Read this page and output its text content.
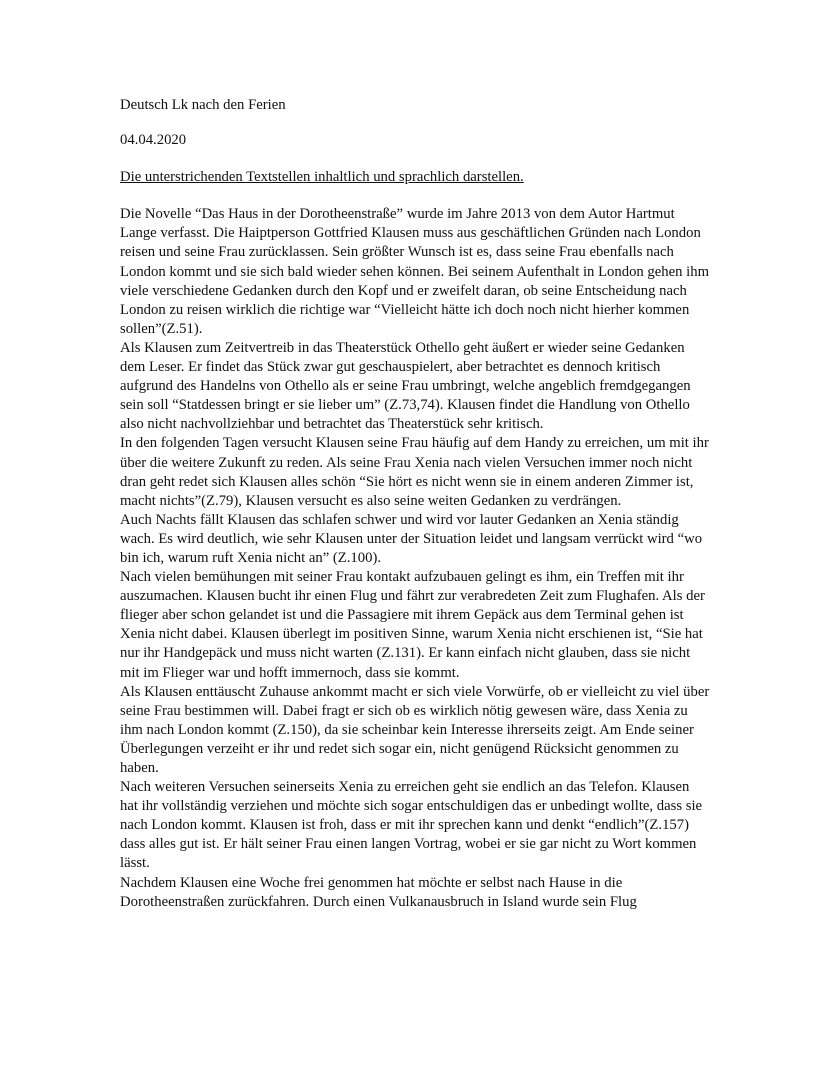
Deutsch Lk nach den Ferien

04.04.2020

Die unterstrichenden Textstellen inhaltlich und sprachlich darstellen.

Die Novelle “Das Haus in der Dorotheenstraße” wurde im Jahre 2013 von dem Autor Hartmut Lange verfasst. Die Haiptperson Gottfried Klausen muss aus geschäftlichen Gründen nach London reisen und seine Frau zurücklassen. Sein größter Wunsch ist es, dass seine Frau ebenfalls nach London kommt und sie sich bald wieder sehen können. Bei seinem Aufenthalt in London gehen ihm viele verschiedene Gedanken durch den Kopf und er zweifelt daran, ob seine Entscheidung nach London zu reisen wirklich die richtige war “Vielleicht hätte ich doch noch nicht hierher kommen sollen”(Z.51).

Als Klausen zum Zeitvertreib in das Theaterstück Othello geht äußert er wieder seine Gedanken dem Leser. Er findet das Stück zwar gut geschauspielert, aber betrachtet es dennoch kritisch aufgrund des Handelns von Othello als er seine Frau umbringt, welche angeblich fremdgegangen sein soll “Statdessen bringt er sie lieber um” (Z.73,74). Klausen findet die Handlung von Othello also nicht nachvollziehbar und betrachtet das Theaterstück sehr kritisch.

In den folgenden Tagen versucht Klausen seine Frau häufig auf dem Handy zu erreichen, um mit ihr über die weitere Zukunft zu reden. Als seine Frau Xenia nach vielen Versuchen immer noch nicht dran geht redet sich Klausen alles schön “Sie hört es nicht wenn sie in einem anderen Zimmer ist, macht nichts”(Z.79), Klausen versucht es also seine weiten Gedanken zu verdrängen.

Auch Nachts fällt Klausen das schlafen schwer und wird vor lauter Gedanken an Xenia ständig wach. Es wird deutlich, wie sehr Klausen unter der Situation leidet und langsam verrückt wird “wo bin ich, warum ruft Xenia nicht an” (Z.100).

Nach vielen bemühungen mit seiner Frau kontakt aufzubauen gelingt es ihm, ein Treffen mit ihr auszumachen. Klausen bucht ihr einen Flug und fährt zur verabredeten Zeit zum Flughafen. Als der flieger aber schon gelandet ist und die Passagiere mit ihrem Gepäck aus dem Terminal gehen ist Xenia nicht dabei. Klausen überlegt im positiven Sinne, warum Xenia nicht erschienen ist, “Sie hat nur ihr Handgepäck und muss nicht warten (Z.131). Er kann einfach nicht glauben, dass sie nicht mit im Flieger war und hofft immernoch, dass sie kommt.

Als Klausen enttäuscht Zuhause ankommt macht er sich viele Vorwürfe, ob er vielleicht zu viel über seine Frau bestimmen will. Dabei fragt er sich ob es wirklich nötig gewesen wäre, dass Xenia zu ihm nach London kommt (Z.150), da sie scheinbar kein Interesse ihrerseits zeigt. Am Ende seiner Überlegungen verzeiht er ihr und redet sich sogar ein, nicht genügend Rücksicht genommen zu haben.

Nach weiteren Versuchen seinerseits Xenia zu erreichen geht sie endlich an das Telefon. Klausen hat ihr vollständig verziehen und möchte sich sogar entschuldigen das er unbedingt wollte, dass sie nach London kommt. Klausen ist froh, dass er mit ihr sprechen kann und denkt “endlich”(Z.157) dass alles gut ist. Er hält seiner Frau einen langen Vortrag, wobei er sie gar nicht zu Wort kommen lässt.

Nachdem Klausen eine Woche frei genommen hat möchte er selbst nach Hause in die Dorotheenstraßen zurückfahren. Durch einen Vulkanausbruch in Island wurde sein Flug
